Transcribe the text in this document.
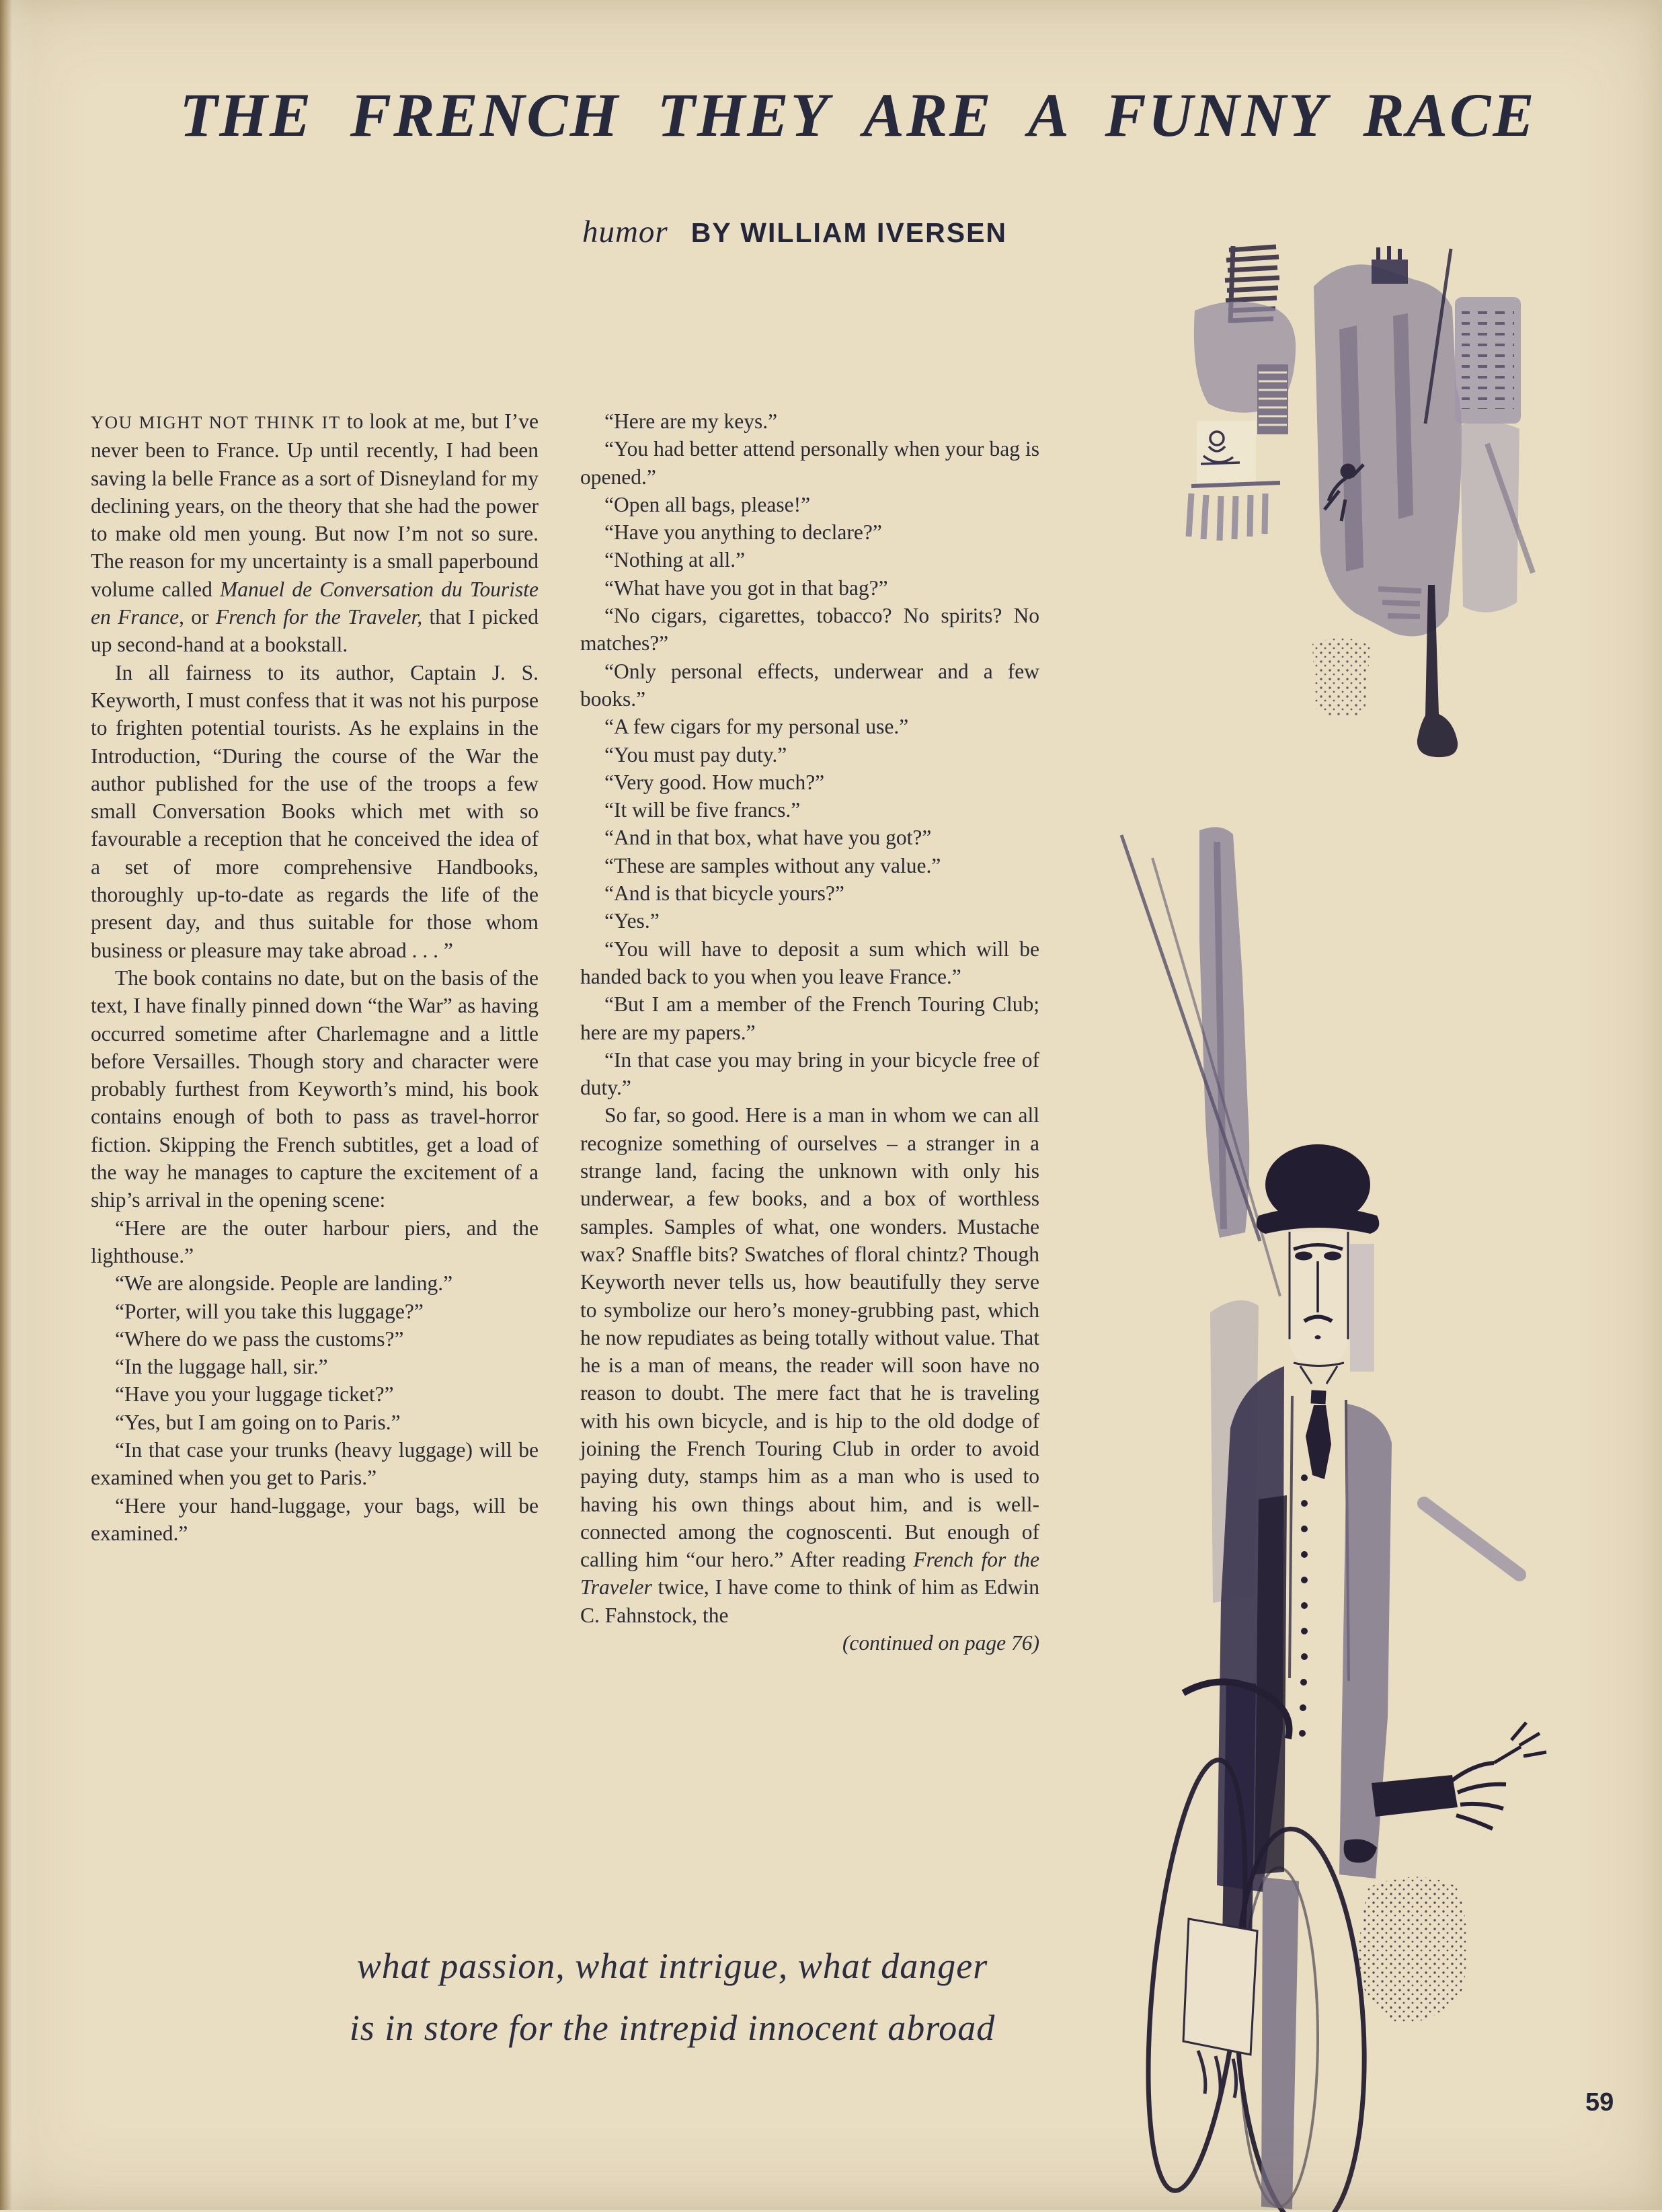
THE FRENCH THEY ARE A FUNNY RACE
humor BY WILLIAM IVERSEN

YOU MIGHT NOT THINK IT to look at me, but I’ve never been to France. Up until recently, I had been saving la belle France as a sort of Disneyland for my declining years, on the theory that she had the power to make old men young. But now I’m not so sure. The reason for my uncertainty is a small paperbound volume called Manuel de Conversation du Touriste en France, or French for the Traveler, that I picked up second-hand at a bookstall.

In all fairness to its author, Captain J. S. Keyworth, I must confess that it was not his purpose to frighten potential tourists. As he explains in the Introduction, “During the course of the War the author published for the use of the troops a few small Conversation Books which met with so favourable a reception that he conceived the idea of a set of more comprehensive Handbooks, thoroughly up-to-date as regards the life of the present day, and thus suitable for those whom business or pleasure may take abroad . . . ”

The book contains no date, but on the basis of the text, I have finally pinned down “the War” as having occurred sometime after Charlemagne and a little before Versailles. Though story and character were probably furthest from Keyworth’s mind, his book contains enough of both to pass as travel-horror fiction. Skipping the French subtitles, get a load of the way he manages to capture the excitement of a ship’s arrival in the opening scene:

“Here are the outer harbour piers, and the lighthouse.”

“We are alongside. People are landing.”

“Porter, will you take this luggage?”

“Where do we pass the customs?”

“In the luggage hall, sir.”

“Have you your luggage ticket?”

“Yes, but I am going on to Paris.”

“In that case your trunks (heavy luggage) will be examined when you get to Paris.”

“Here your hand-luggage, your bags, will be examined.”

“Here are my keys.”

“You had better attend personally when your bag is opened.”

“Open all bags, please!”

“Have you anything to declare?”

“Nothing at all.”

“What have you got in that bag?”

“No cigars, cigarettes, tobacco? No spirits? No matches?”

“Only personal effects, underwear and a few books.”

“A few cigars for my personal use.”

“You must pay duty.”

“Very good. How much?”

“It will be five francs.”

“And in that box, what have you got?”

“These are samples without any value.”

“And is that bicycle yours?”

“Yes.”

“You will have to deposit a sum which will be handed back to you when you leave France.”

“But I am a member of the French Touring Club; here are my papers.”

“In that case you may bring in your bicycle free of duty.”

So far, so good. Here is a man in whom we can all recognize something of ourselves – a stranger in a strange land, facing the unknown with only his underwear, a few books, and a box of worthless samples. Samples of what, one wonders. Mustache wax? Snaffle bits? Swatches of floral chintz? Though Keyworth never tells us, how beautifully they serve to symbolize our hero’s money-grubbing past, which he now repudiates as being totally without value. That he is a man of means, the reader will soon have no reason to doubt. The mere fact that he is traveling with his own bicycle, and is hip to the old dodge of joining the French Touring Club in order to avoid paying duty, stamps him as a man who is used to having his own things about him, and is well-connected among the cognoscenti. But enough of calling him “our hero.” After reading French for the Traveler twice, I have come to think of him as Edwin C. Fahnstock, the

(continued on page 76)

what passion, what intrigue, what danger
is in store for the intrepid innocent abroad
59
